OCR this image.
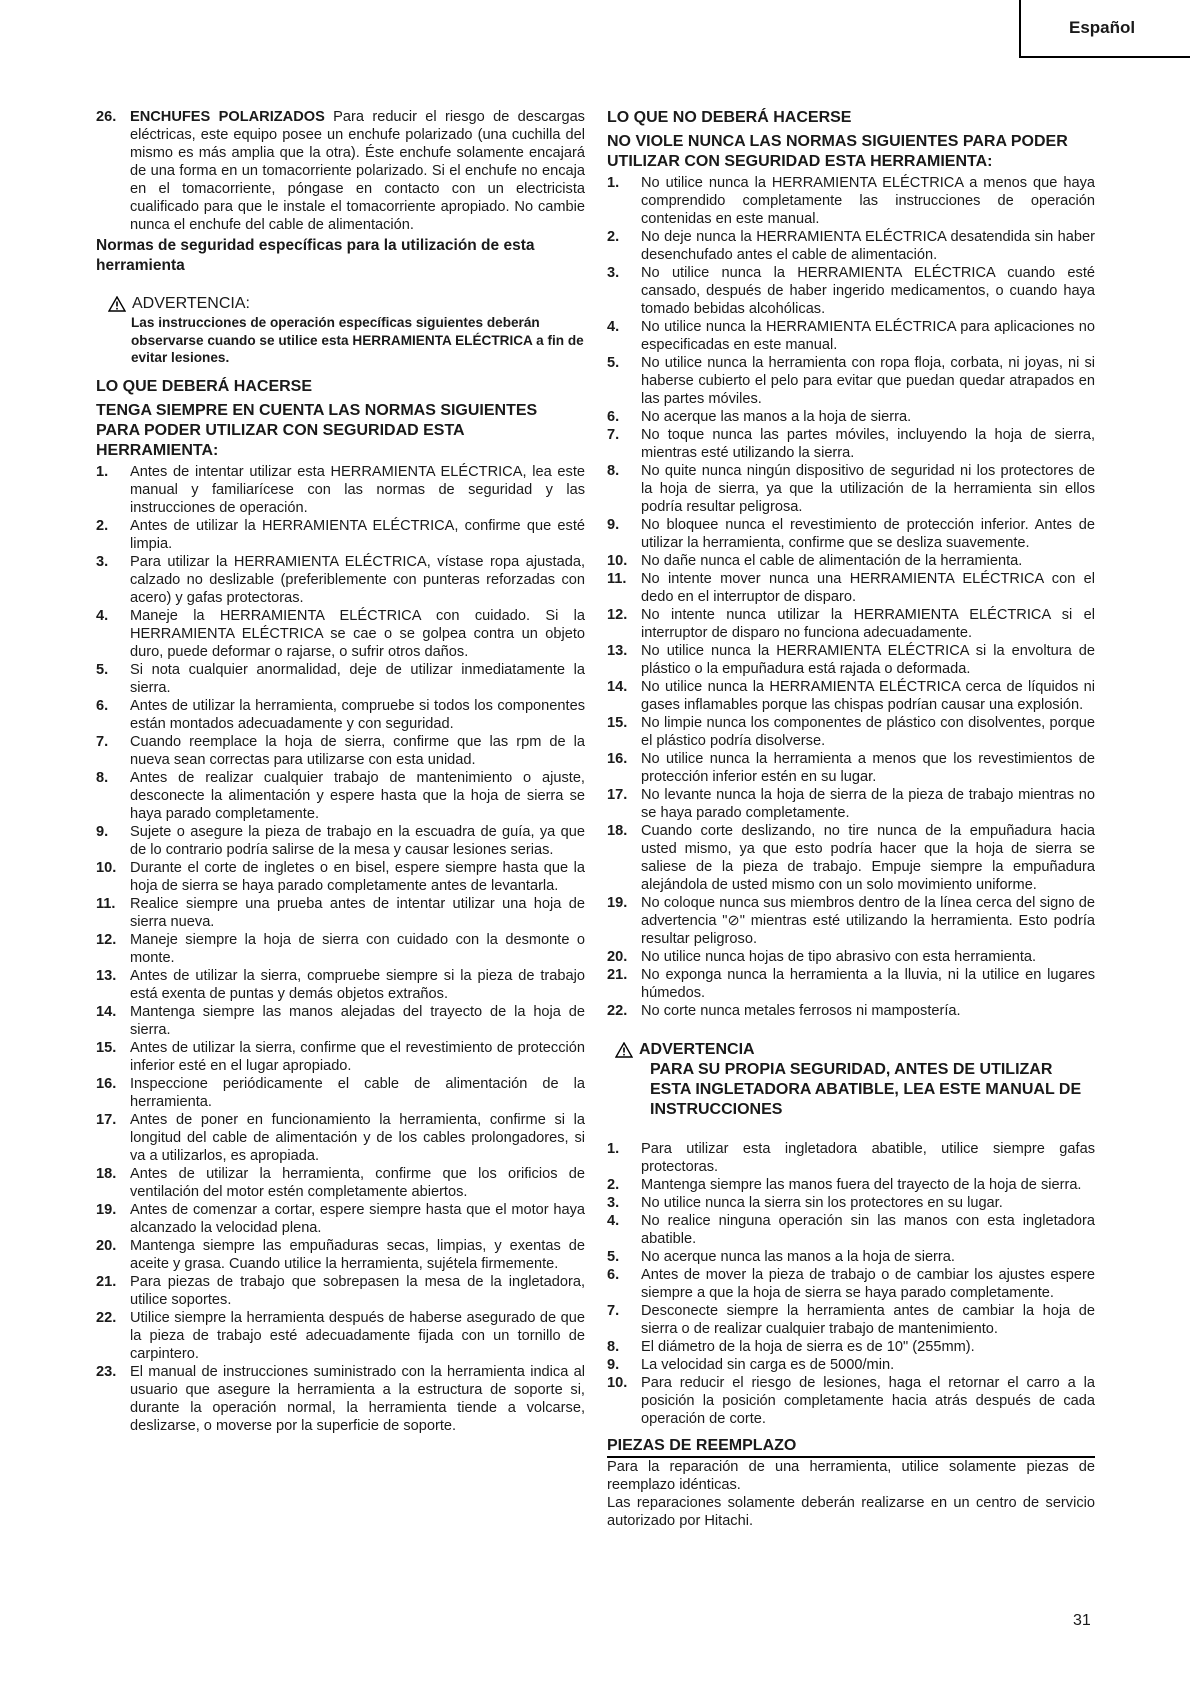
Español
26. ENCHUFES POLARIZADOS Para reducir el riesgo de descargas eléctricas, este equipo posee un enchufe polarizado (una cuchilla del mismo es más amplia que la otra). Éste enchufe solamente encajará de una forma en un tomacorriente polarizado. Si el enchufe no encaja en el tomacorriente, póngase en contacto con un electricista cualificado para que le instale el tomacorriente apropiado. No cambie nunca el enchufe del cable de alimentación.
Normas de seguridad específicas para la utilización de esta herramienta
ADVERTENCIA:
Las instrucciones de operación específicas siguientes deberán observarse cuando se utilice esta HERRAMIENTA ELÉCTRICA a fin de evitar lesiones.
LO QUE DEBERÁ HACERSE
TENGA SIEMPRE EN CUENTA LAS NORMAS SIGUIENTES PARA PODER UTILIZAR CON SEGURIDAD ESTA HERRAMIENTA:
1.	Antes de intentar utilizar esta HERRAMIENTA ELÉCTRICA, lea este manual y familiarícese con las normas de seguridad y las instrucciones de operación.
2.	Antes de utilizar la HERRAMIENTA ELÉCTRICA, confirme que esté limpia.
3.	Para utilizar la HERRAMIENTA ELÉCTRICA, vístase ropa ajustada, calzado no deslizable (preferiblemente con punteras reforzadas con acero) y gafas protectoras.
4.	Maneje la HERRAMIENTA ELÉCTRICA con cuidado. Si la HERRAMIENTA ELÉCTRICA se cae o se golpea contra un objeto duro, puede deformar o rajarse, o sufrir otros daños.
5.	Si nota cualquier anormalidad, deje de utilizar inmediatamente la sierra.
6.	Antes de utilizar la herramienta, compruebe si todos los componentes están montados adecuadamente y con seguridad.
7.	Cuando reemplace la hoja de sierra, confirme que las rpm de la nueva sean correctas para utilizarse con esta unidad.
8.	Antes de realizar cualquier trabajo de mantenimiento o ajuste, desconecte la alimentación y espere hasta que la hoja de sierra se haya parado completamente.
9.	Sujete o asegure la pieza de trabajo en la escuadra de guía, ya que de lo contrario podría salirse de la mesa y causar lesiones serias.
10. Durante el corte de ingletes o en bisel, espere siempre hasta que la hoja de sierra se haya parado completamente antes de levantarla.
11. Realice siempre una prueba antes de intentar utilizar una hoja de sierra nueva.
12. Maneje siempre la hoja de sierra con cuidado con la desmonte o monte.
13. Antes de utilizar la sierra, compruebe siempre si la pieza de trabajo está exenta de puntas y demás objetos extraños.
14. Mantenga siempre las manos alejadas del trayecto de la hoja de sierra.
15. Antes de utilizar la sierra, confirme que el revestimiento de protección inferior esté en el lugar apropiado.
16. Inspeccione periódicamente el cable de alimentación de la herramienta.
17. Antes de poner en funcionamiento la herramienta, confirme si la longitud del cable de alimentación y de los cables prolongadores, si va a utilizarlos, es apropiada.
18. Antes de utilizar la herramienta, confirme que los orificios de ventilación del motor estén completamente abiertos.
19. Antes de comenzar a cortar, espere siempre hasta que el motor haya alcanzado la velocidad plena.
20. Mantenga siempre las empuñaduras secas, limpias, y exentas de aceite y grasa. Cuando utilice la herramienta, sujétela firmemente.
21. Para piezas de trabajo que sobrepasen la mesa de la ingletadora, utilice soportes.
22. Utilice siempre la herramienta después de haberse asegurado de que la pieza de trabajo esté adecuadamente fijada con un tornillo de carpintero.
23. El manual de instrucciones suministrado con la herramienta indica al usuario que asegure la herramienta a la estructura de soporte si, durante la operación normal, la herramienta tiende a volcarse, deslizarse, o moverse por la superficie de soporte.
LO QUE NO DEBERÁ HACERSE
NO VIOLE NUNCA LAS NORMAS SIGUIENTES PARA PODER UTILIZAR CON SEGURIDAD ESTA HERRAMIENTA:
1.	No utilice nunca la HERRAMIENTA ELÉCTRICA a menos que haya comprendido completamente las instrucciones de operación contenidas en este manual.
2.	No deje nunca la HERRAMIENTA ELÉCTRICA desatendida sin haber desenchufado antes el cable de alimentación.
3.	No utilice nunca la HERRAMIENTA ELÉCTRICA cuando esté cansado, después de haber ingerido medicamentos, o cuando haya tomado bebidas alcohólicas.
4.	No utilice nunca la HERRAMIENTA ELÉCTRICA para aplicaciones no especificadas en este manual.
5.	No utilice nunca la herramienta con ropa floja, corbata, ni joyas, ni si haberse cubierto el pelo para evitar que puedan quedar atrapados en las partes móviles.
6.	No acerque las manos a la hoja de sierra.
7.	No toque nunca las partes móviles, incluyendo la hoja de sierra, mientras esté utilizando la sierra.
8.	No quite nunca ningún dispositivo de seguridad ni los protectores de la hoja de sierra, ya que la utilización de la herramienta sin ellos podría resultar peligrosa.
9.	No bloquee nunca el revestimiento de protección inferior. Antes de utilizar la herramienta, confirme que se desliza suavemente.
10. No dañe nunca el cable de alimentación de la herramienta.
11. No intente mover nunca una HERRAMIENTA ELÉCTRICA con el dedo en el interruptor de disparo.
12. No intente nunca utilizar la HERRAMIENTA ELÉCTRICA si el interruptor de disparo no funciona adecuadamente.
13. No utilice nunca la HERRAMIENTA ELÉCTRICA si la envoltura de plástico o la empuñadura está rajada o deformada.
14. No utilice nunca la HERRAMIENTA ELÉCTRICA cerca de líquidos ni gases inflamables porque las chispas podrían causar una explosión.
15. No limpie nunca los componentes de plástico con disolventes, porque el plástico podría disolverse.
16. No utilice nunca la herramienta a menos que los revestimientos de protección inferior estén en su lugar.
17. No levante nunca la hoja de sierra de la pieza de trabajo mientras no se haya parado completamente.
18. Cuando corte deslizando, no tire nunca de la empuñadura hacia usted mismo, ya que esto podría hacer que la hoja de sierra se saliese de la pieza de trabajo. Empuje siempre la empuñadura alejándola de usted mismo con un solo movimiento uniforme.
19. No coloque nunca sus miembros dentro de la línea cerca del signo de advertencia "⊘" mientras esté utilizando la herramienta. Esto podría resultar peligroso.
20. No utilice nunca hojas de tipo abrasivo con esta herramienta.
21. No exponga nunca la herramienta a la lluvia, ni la utilice en lugares húmedos.
22. No corte nunca metales ferrosos ni mampostería.
ADVERTENCIA
PARA SU PROPIA SEGURIDAD, ANTES DE UTILIZAR ESTA INGLETADORA ABATIBLE, LEA ESTE MANUAL DE INSTRUCCIONES
1.	Para utilizar esta ingletadora abatible, utilice siempre gafas protectoras.
2.	Mantenga siempre las manos fuera del trayecto de la hoja de sierra.
3.	No utilice nunca la sierra sin los protectores en su lugar.
4.	No realice ninguna operación sin las manos con esta ingletadora abatible.
5.	No acerque nunca las manos a la hoja de sierra.
6.	Antes de mover la pieza de trabajo o de cambiar los ajustes espere siempre a que la hoja de sierra se haya parado completamente.
7.	Desconecte siempre la herramienta antes de cambiar la hoja de sierra o de realizar cualquier trabajo de mantenimiento.
8.	El diámetro de la hoja de sierra es de 10" (255mm).
9.	La velocidad sin carga es de 5000/min.
10. Para reducir el riesgo de lesiones, haga el retornar el carro a la posición la posición completamente hacia atrás después de cada operación de corte.
PIEZAS DE REEMPLAZO
Para la reparación de una herramienta, utilice solamente piezas de reemplazo idénticas.
Las reparaciones solamente deberán realizarse en un centro de servicio autorizado por Hitachi.
31
